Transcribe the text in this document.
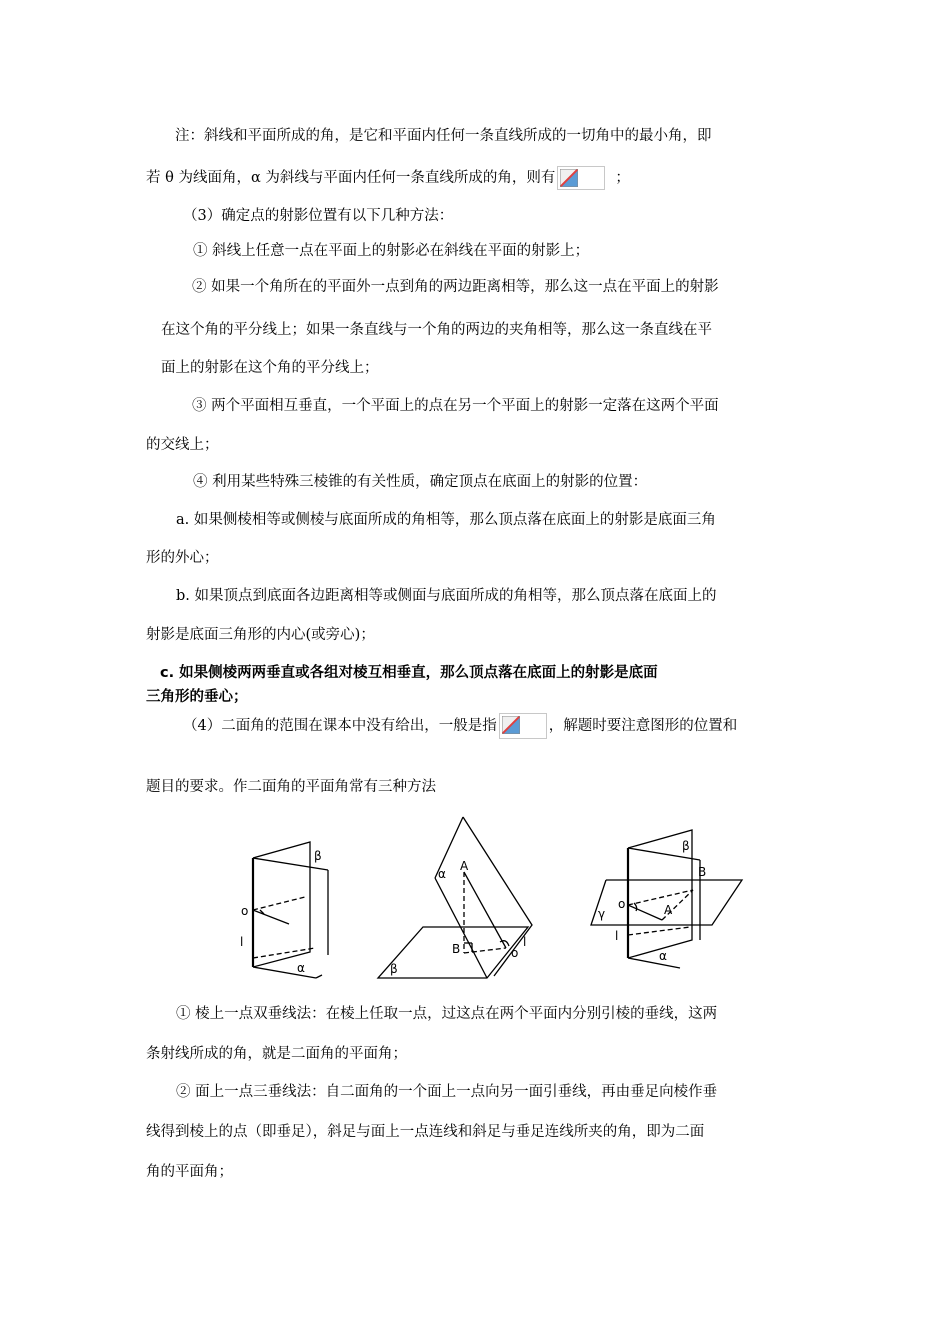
注：斜线和平面所成的角，是它和平面内任何一条直线所成的一切角中的最小角，即
若 θ 为线面角，α 为斜线与平面内任何一条直线所成的角，则有	；
（3）确定点的射影位置有以下几种方法：
① 斜线上任意一点在平面上的射影必在斜线在平面的射影上；
② 如果一个角所在的平面外一点到角的两边距离相等，那么这一点在平面上的射影
在这个角的平分线上；如果一条直线与一个角的两边的夹角相等，那么这一条直线在平
面上的射影在这个角的平分线上；
③ 两个平面相互垂直，一个平面上的点在另一个平面上的射影一定落在这两个平面
的交线上；
④ 利用某些特殊三棱锥的有关性质，确定顶点在底面上的射影的位置：
a. 如果侧棱相等或侧棱与底面所成的角相等，那么顶点落在底面上的射影是底面三角
形的外心；
b. 如果顶点到底面各边距离相等或侧面与底面所成的角相等，那么顶点落在底面上的
射影是底面三角形的内心(或旁心)；
c. 如果侧棱两两垂直或各组对棱互相垂直，那么顶点落在底面上的射影是底面
三角形的垂心；
（4）二面角的范围在课本中没有给出，一般是指	，解题时要注意图形的位置和
题目的要求。作二面角的平面角常有三种方法
β
o
l
α
α
A
B	o
l
β
β
B
γ
o	A
l
α
① 棱上一点双垂线法：在棱上任取一点，过这点在两个平面内分别引棱的垂线，这两
条射线所成的角，就是二面角的平面角；
② 面上一点三垂线法：自二面角的一个面上一点向另一面引垂线，再由垂足向棱作垂
线得到棱上的点（即垂足），斜足与面上一点连线和斜足与垂足连线所夹的角，即为二面
角的平面角；
